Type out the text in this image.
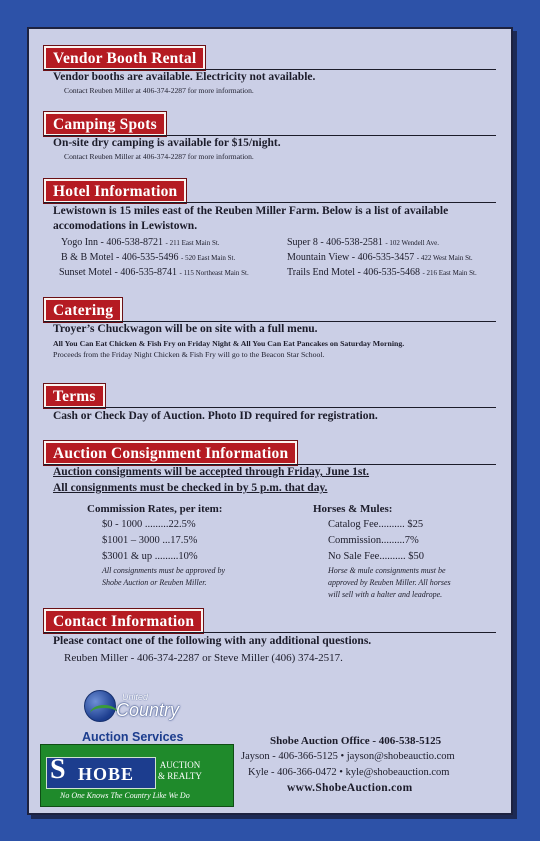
Vendor Booth Rental
Vendor booths are available. Electricity not available.
Contact Reuben Miller at 406-374-2287 for more information.
Camping Spots
On-site dry camping is available for $15/night.
Contact Reuben Miller at 406-374-2287 for more information.
Hotel Information
Lewistown is 15 miles east of the Reuben Miller Farm. Below is a list of available
accomodations in Lewistown.
Yogo Inn - 406-538-8721 - 211 East Main St.
B & B Motel - 406-535-5496 - 520 East Main St.
Sunset Motel - 406-535-8741 - 115 Northeast Main St.
Super 8 - 406-538-2581 - 102 Wendell Ave.
Mountain View - 406-535-3457 - 422 West Main St.
Trails End Motel - 406-535-5468 - 216 East Main St.
Catering
Troyer’s Chuckwagon will be on site with a full menu.
All You Can Eat Chicken & Fish Fry on Friday Night & All You Can Eat Pancakes on Saturday Morning.
Proceeds from the Friday Night Chicken & Fish Fry will go to the Beacon Star School.
Terms
Cash or Check Day of Auction. Photo ID required for registration.
Auction Consignment Information
Auction consignments will be accepted through Friday, June 1st.
All consignments must be checked in by 5 p.m. that day.
Commission Rates, per item:
$0 - 1000 .........22.5%
$1001 – 3000 ...17.5%
$3001 & up .........10%
All consignments must be approved by
Shobe Auction or Reuben Miller.
Horses & Mules:
Catalog Fee.......... $25
Commission.........7%
No Sale Fee.......... $50
Horse & mule consignments must be
approved by Reuben Miller. All horses
will sell with a halter and leadrope.
Contact Information
Please contact one of the following with any additional questions.
Reuben Miller - 406-374-2287 or Steve Miller (406) 374-2517.
United
Country
Auction Services
S HOBE	AUCTION
& REALTY
No One Knows The Country Like We Do
Shobe Auction Office - 406-538-5125
Jayson - 406-366-5125 • jayson@shobeauctio.com
Kyle - 406-366-0472 • kyle@shobeauction.com
www.ShobeAuction.com
